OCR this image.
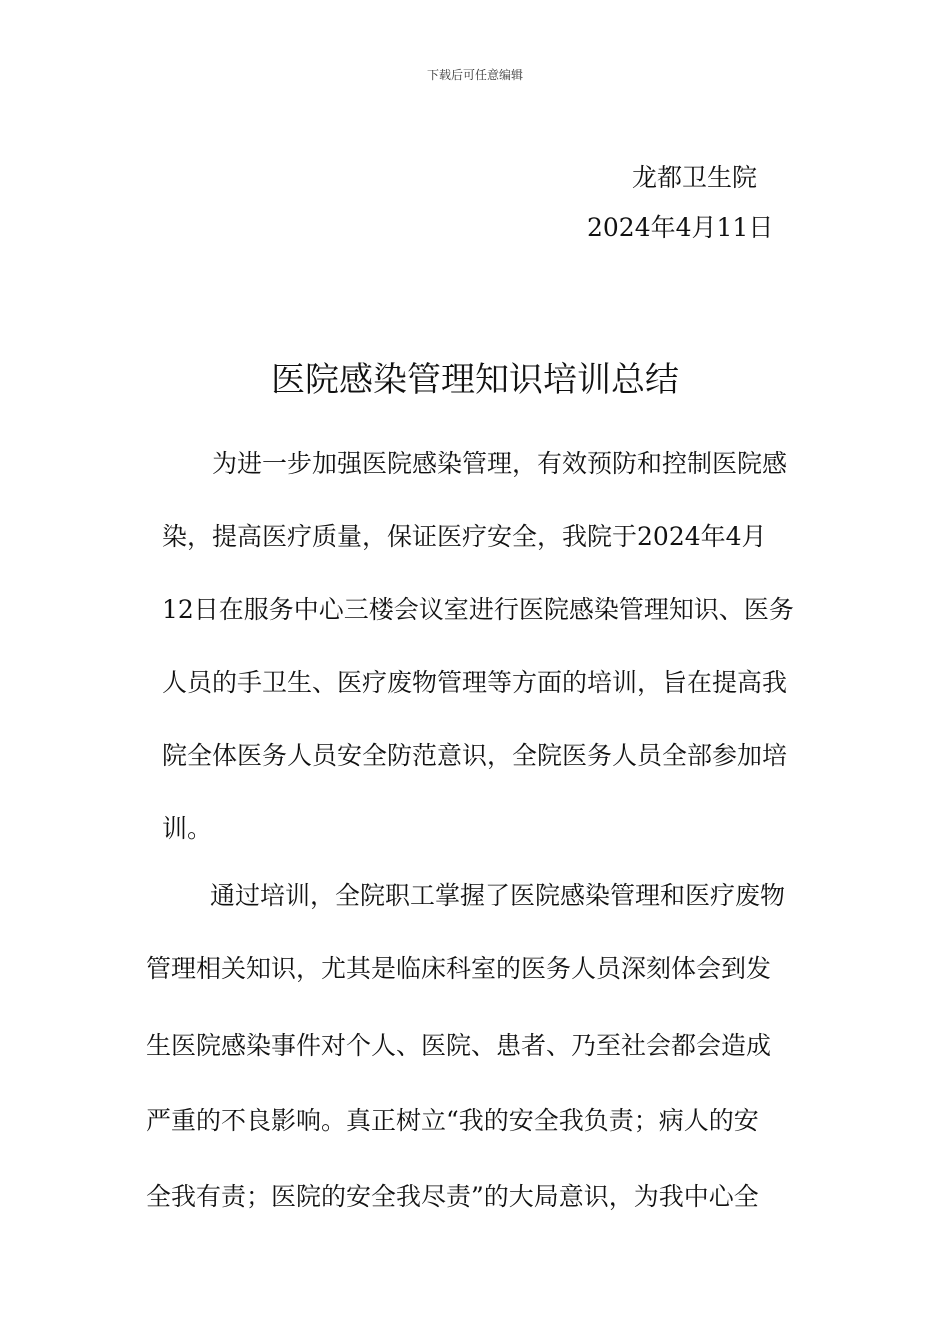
下载后可任意编辑
龙都卫生院
2024年4月11日
医院感染管理知识培训总结
为进一步加强医院感染管理，有效预防和控制医院感
染，提高医疗质量，保证医疗安全，我院于2024年4月
12日在服务中心三楼会议室进行医院感染管理知识、医务
人员的手卫生、医疗废物管理等方面的培训，旨在提高我
院全体医务人员安全防范意识，全院医务人员全部参加培
训。
通过培训，全院职工掌握了医院感染管理和医疗废物
管理相关知识，尤其是临床科室的医务人员深刻体会到发
生医院感染事件对个人、医院、患者、乃至社会都会造成
严重的不良影响。真正树立“我的安全我负责；病人的安
全我有责；医院的安全我尽责”的大局意识，为我中心全
